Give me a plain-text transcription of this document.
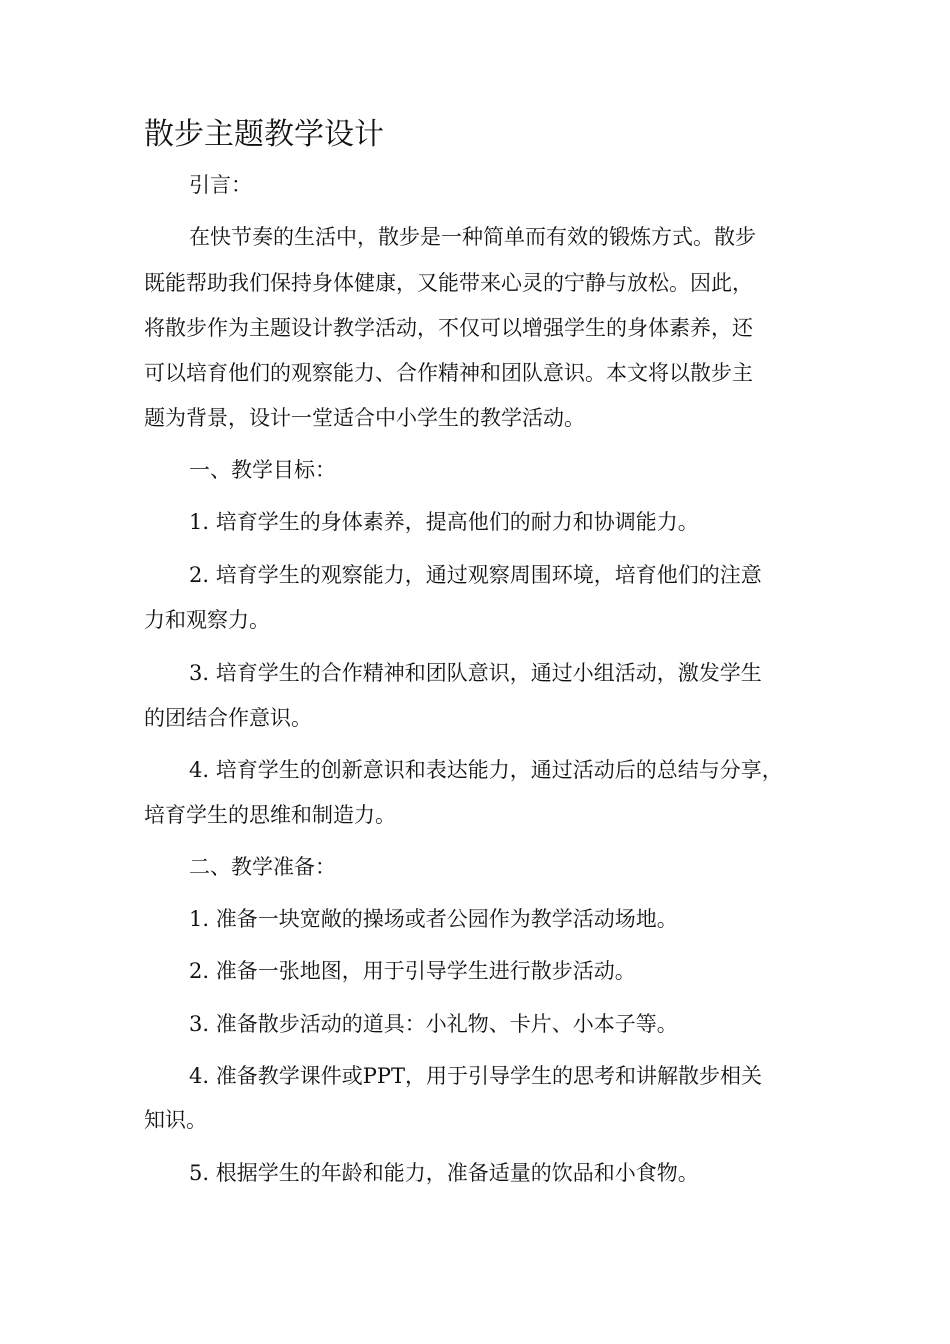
散步主题教学设计

引言：

在快节奏的生活中，散步是一种简单而有效的锻炼方式。散步

既能帮助我们保持身体健康，又能带来心灵的宁静与放松。因此，

将散步作为主题设计教学活动，不仅可以增强学生的身体素养，还

可以培育他们的观察能力、合作精神和团队意识。本文将以散步主

题为背景，设计一堂适合中小学生的教学活动。

一、教学目标：

1. 培育学生的身体素养，提高他们的耐力和协调能力。

2. 培育学生的观察能力，通过观察周围环境，培育他们的注意

力和观察力。

3. 培育学生的合作精神和团队意识，通过小组活动，激发学生

的团结合作意识。

4. 培育学生的创新意识和表达能力，通过活动后的总结与分享，

培育学生的思维和制造力。

二、教学准备：

1. 准备一块宽敞的操场或者公园作为教学活动场地。

2. 准备一张地图，用于引导学生进行散步活动。

3. 准备散步活动的道具：小礼物、卡片、小本子等。

4. 准备教学课件或PPT，用于引导学生的思考和讲解散步相关

知识。

5. 根据学生的年龄和能力，准备适量的饮品和小食物。
